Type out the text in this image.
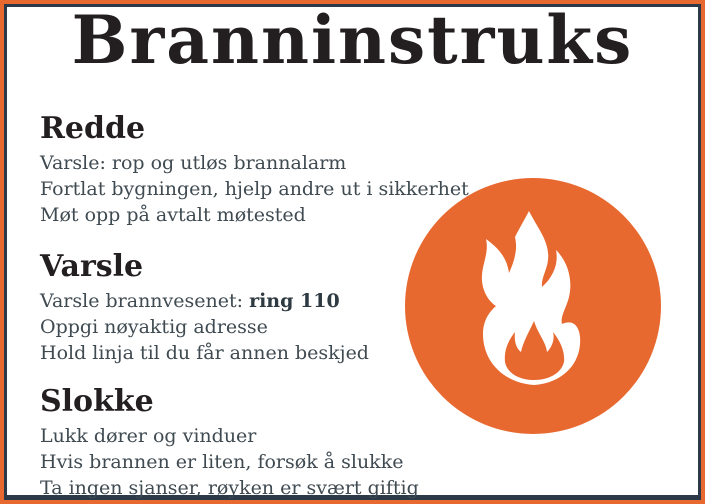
Branninstruks
Redde

Varsle: rop og utløs brannalarm

Fortlat bygningen, hjelp andre ut i sikkerhet

Møt opp på avtalt møtested

Varsle

Varsle brannvesenet: ring 110

Oppgi nøyaktig adresse

Hold linja til du får annen beskjed

Slokke

Lukk dører og vinduer

Hvis brannen er liten, forsøk å slukke

Ta ingen sjanser, røyken er svært giftig
